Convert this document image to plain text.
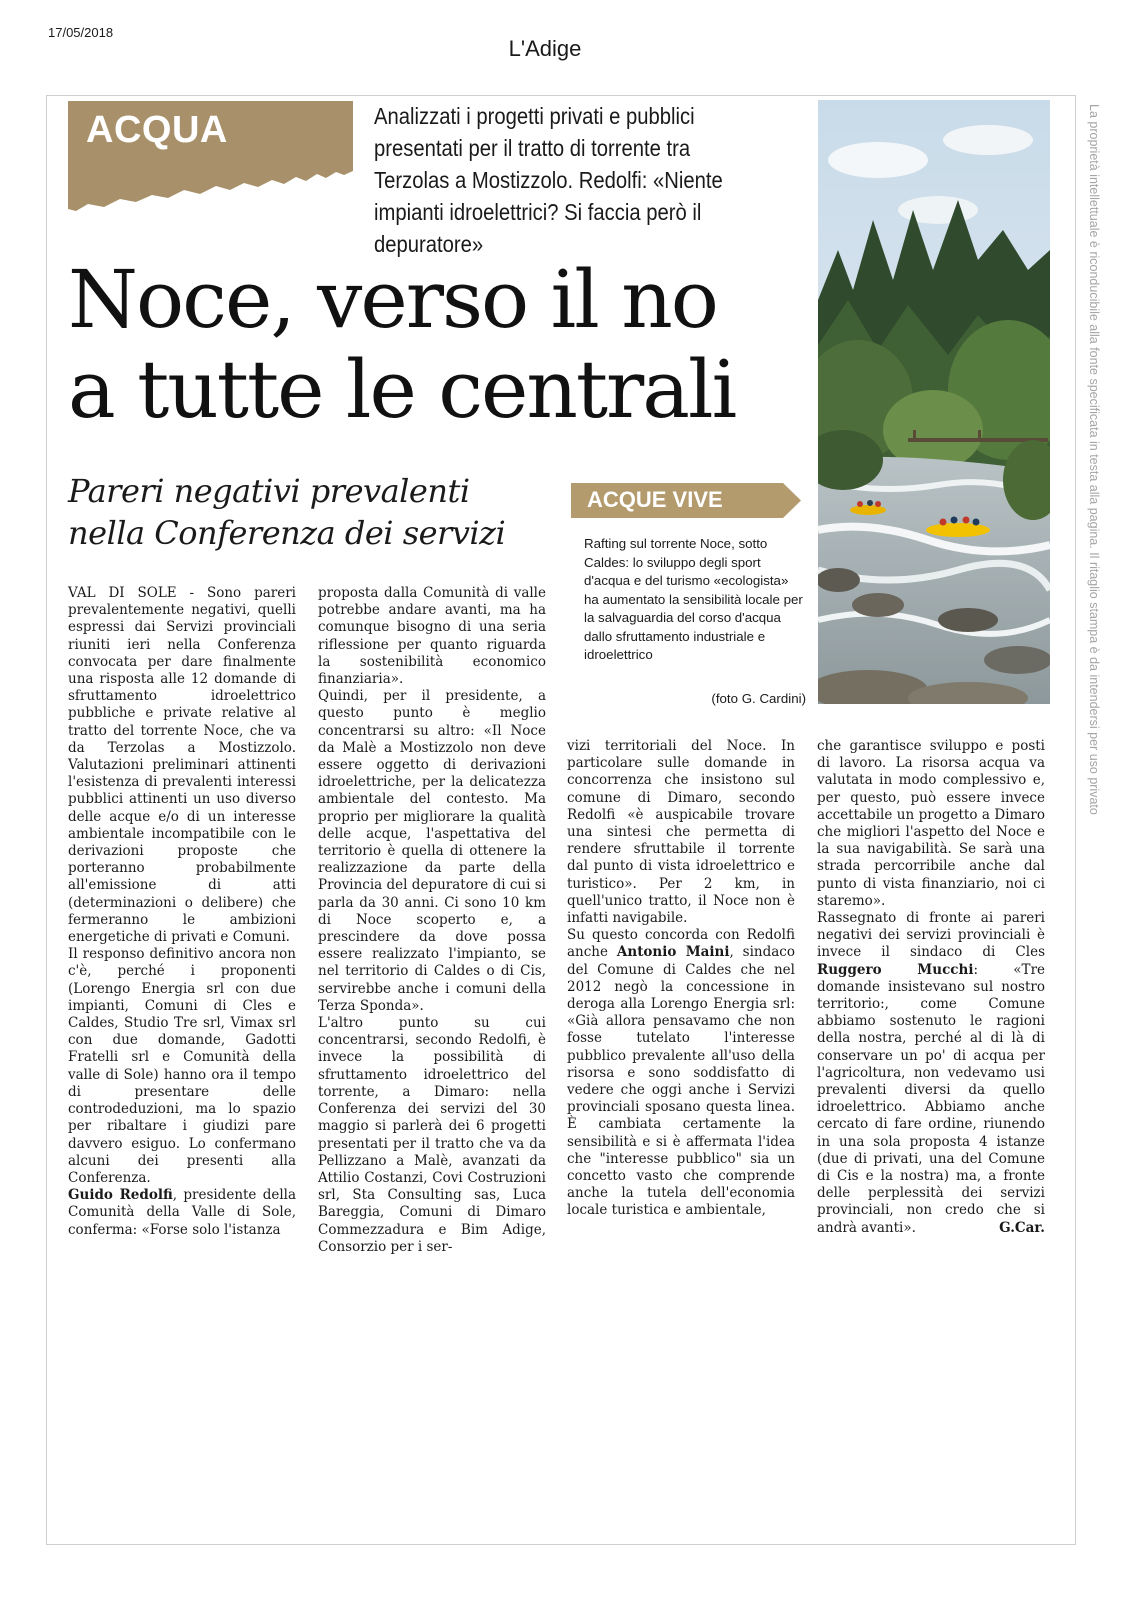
17/05/2018
L'Adige
La proprietà intellettuale è riconducibile alla fonte specificata in testa alla pagina. Il ritaglio stampa è da intendersi per uso privato
ACQUA	Analizzati i progetti privati e pubblici presentati per il tratto di torrente tra Terzolas a Mostizzolo. Redolfi: «Niente impianti idroelettrici? Si faccia però il depuratore»
Noce, verso il no
a tutte le centrali
Pareri negativi prevalenti
nella Conferenza dei servizi
ACQUE VIVE
Rafting sul torrente Noce, sotto Caldes: lo sviluppo degli sport d'acqua e del turismo «ecologista» ha aumentato la sensibilità locale per la salvaguardia del corso d'acqua dallo sfruttamento industriale e idroelettrico
(foto G. Cardini)

VAL DI SOLE - Sono pareri prevalentemente negativi, quelli espressi dai Servizi provinciali riuniti ieri nella Conferenza convocata per dare finalmente una risposta alle 12 domande di sfruttamento idroelettrico pubbliche e private relative al tratto del torrente Noce, che va da Terzolas a Mostizzolo. Valutazioni preliminari attinenti l'esistenza di prevalenti interessi pubblici attinenti un uso diverso delle acque e/o di un interesse ambientale incompatibile con le derivazioni proposte che porteranno probabilmente all'emissione di atti (determinazioni o delibere) che fermeranno le ambizioni energetiche di privati e Comuni.

Il responso definitivo ancora non c'è, perché i proponenti (Lorengo Energia srl con due impianti, Comuni di Cles e Caldes, Studio Tre srl, Vimax srl con due domande, Gadotti Fratelli srl e Comunità della valle di Sole) hanno ora il tempo di presentare delle controdeduzioni, ma lo spazio per ribaltare i giudizi pare davvero esiguo. Lo confermano alcuni dei presenti alla Conferenza.

Guido Redolfi, presidente della Comunità della Valle di Sole, conferma: «Forse solo l'istanza

proposta dalla Comunità di valle potrebbe andare avanti, ma ha comunque bisogno di una seria riflessione per quanto riguarda la sostenibilità economico finanziaria».

Quindi, per il presidente, a questo punto è meglio concentrarsi su altro: «Il Noce da Malè a Mostizzolo non deve essere oggetto di derivazioni idroelettriche, per la delicatezza ambientale del contesto. Ma proprio per migliorare la qualità delle acque, l'aspettativa del territorio è quella di ottenere la realizzazione da parte della Provincia del depuratore di cui si parla da 30 anni. Ci sono 10 km di Noce scoperto e, a prescindere da dove possa essere realizzato l'impianto, se nel territorio di Caldes o di Cis, servirebbe anche i comuni della Terza Sponda».

L'altro punto su cui concentrarsi, secondo Redolfi, è invece la possibilità di sfruttamento idroelettrico del torrente, a Dimaro: nella Conferenza dei servizi del 30 maggio si parlerà dei 6 progetti presentati per il tratto che va da Pellizzano a Malè, avanzati da Attilio Costanzi, Covi Costruzioni srl, Sta Consulting sas, Luca Bareggia, Comuni di Dimaro Commezzadura e Bim Adige, Consorzio per i ser-

vizi territoriali del Noce. In particolare sulle domande in concorrenza che insistono sul comune di Dimaro, secondo Redolfi «è auspicabile trovare una sintesi che permetta di rendere sfruttabile il torrente dal punto di vista idroelettrico e turistico». Per 2 km, in quell'unico tratto, il Noce non è infatti navigabile.

Su questo concorda con Redolfi anche Antonio Maini, sindaco del Comune di Caldes che nel 2012 negò la concessione in deroga alla Lorengo Energia srl: «Già allora pensavamo che non fosse tutelato l'interesse pubblico prevalente all'uso della risorsa e sono soddisfatto di vedere che oggi anche i Servizi provinciali sposano questa linea. È cambiata certamente la sensibilità e si è affermata l'idea che "interesse pubblico" sia un concetto vasto che comprende anche la tutela dell'economia locale turistica e ambientale,

che garantisce sviluppo e posti di lavoro. La risorsa acqua va valutata in modo complessivo e, per questo, può essere invece accettabile un progetto a Dimaro che migliori l'aspetto del Noce e la sua navigabilità. Se sarà una strada percorribile anche dal punto di vista finanziario, noi ci staremo».

Rassegnato di fronte ai pareri negativi dei servizi provinciali è invece il sindaco di Cles Ruggero Mucchi: «Tre domande insistevano sul nostro territorio:, come Comune abbiamo sostenuto le ragioni della nostra, perché al di là di conservare un po' di acqua per l'agricoltura, non vedevamo usi prevalenti diversi da quello idroelettrico. Abbiamo anche cercato di fare ordine, riunendo in una sola proposta 4 istanze (due di privati, una del Comune di Cis e la nostra) ma, a fronte delle perplessità dei servizi provinciali, non credo che si andrà avanti».	G.Car.
